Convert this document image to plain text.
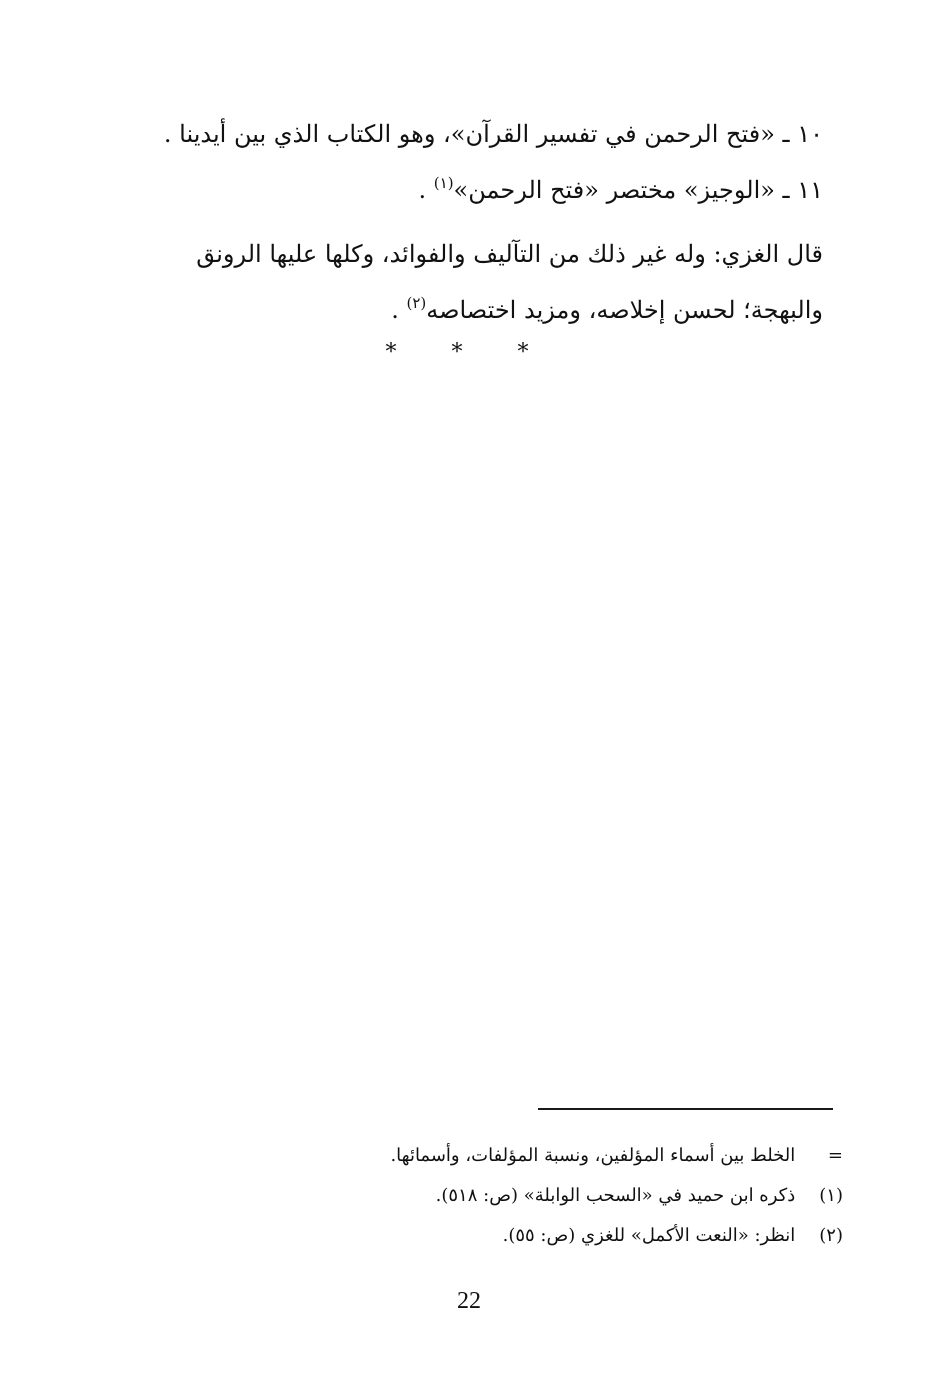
١٠ ـ «فتح الرحمن في تفسير القرآن»، وهو الكتاب الذي بين أيدينا .
١١ ـ «الوجيز» مختصر «فتح الرحمن»$^{(١)}$ .
قال الغزي: وله غير ذلك من التآليف والفوائد، وكلها عليها الرونق
والبهجة؛ لحسن إخلاصه، ومزيد اختصاصه$^{(٢)}$ .
* * *
= الخلط بين أسماء المؤلفين، ونسبة المؤلفات، وأسمائها.
(١) ذكره ابن حميد في «السحب الوابلة» (ص: ٥١٨).
(٢) انظر: «النعت الأكمل» للغزي (ص: ٥٥).
22
